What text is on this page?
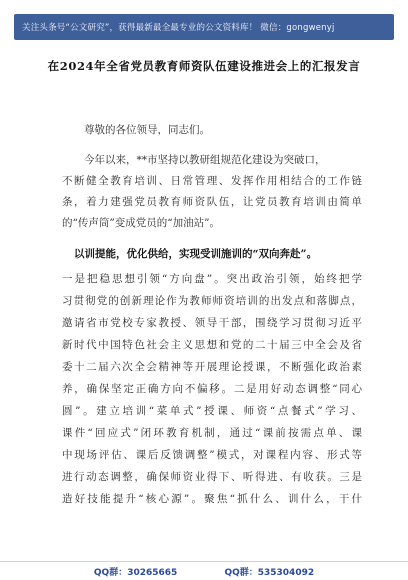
关注头条号“公文研究”，获得最新最全最专业的公文资料库！ 微信：gongwenyj
在2024年全省党员教育师资队伍建设推进会上的汇报发言
尊敬的各位领导，同志们。
今年以来，**市坚持以教研组规范化建设为突破口，
不断健全教育培训、日常管理、发挥作用相结合的工作链
条，着力建强党员教育师资队伍，让党员教育培训由简单
的“传声筒”变成党员的“加油站”。
以训提能，优化供给，实现受训施训的“双向奔赴”。
一是把稳思想引领“方向盘”。突出政治引领，始终把学
习贯彻党的创新理论作为教师师资培训的出发点和落脚点，
邀请省市党校专家教授、领导干部，围绕学习贯彻习近平
新时代中国特色社会主义思想和党的二十届三中全会及省
委十二届六次全会精神等开展理论授课，不断强化政治素
养，确保坚定正确方向不偏移。二是用好动态调整“同心
圆”。建立培训“菜单式”授课、师资“点餐式”学习、
课件“回应式”闭环教育机制，通过“课前按需点单、课
中现场评估、课后反馈调整”模式，对课程内容、形式等
进行动态调整，确保师资业得下、听得进、有收获。三是
造好技能提升“核心源”。聚焦“抓什么、训什么，干什
QQ群：30265665	QQ群：535304092
